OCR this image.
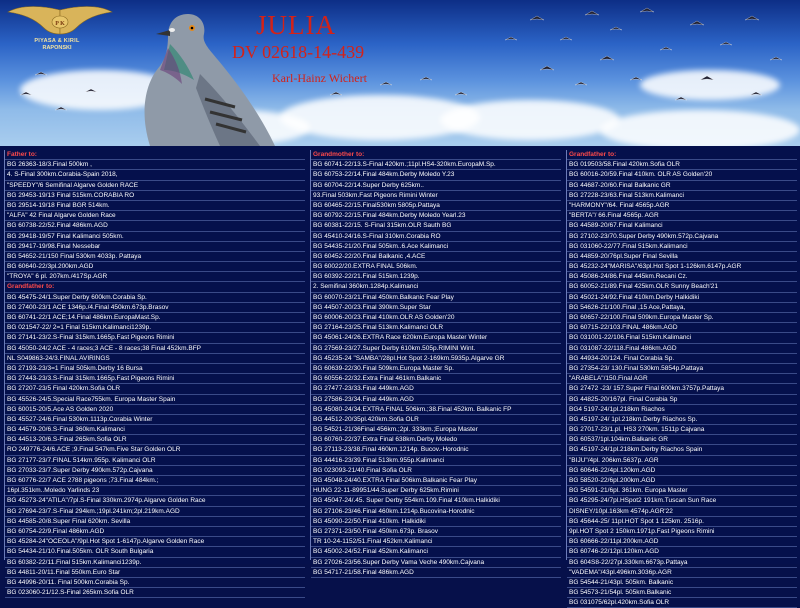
P K
PIYASA & KIRIL
RAPONSKI
JULIA
DV 02618-14-439
Karl-Hainz Wichert
Father to:
BG 26363-18/3.Final 500km ,
4. S-Final 300km.Corabia-Spain 2018,
"SPEEDY"/6 Semifinal Algarve Golden RACE
BG 29453-19/13 Final 515km.CORABIA RO
BG 29514-19/18 Final BGR 514km.
"ALFA" 42 Final Algarve Golden Race
BG 60738-22/52.Final 486km.AGD
BG 29418-19/57 Final Kalimanci 505km.
BG 29417-19/98.Final Nessebar
BG 54652-21/150 Final 530km 4033p. Pattaya
BG 60640-22/3pl.200km.AGD
"TROYA" 6 pl. 207km./417Sp.AGR
Grandfather to:
BG 45475-24/1.Super Derby 600km.Corabia Sp.
BG 27400-23/1 ACE 1346p./4.Final 450km.673p.Brasov
BG 60741-22/1 ACE;14.Final 486km.EuropaMast.Sp.
BG 021547-22/ 2=1 Final 515km.Kalimanci1239p.
BG 27141-23/2.S-Final 315km.1665p.Fast Pigeons Rimini
BG 45050-24/2 ACE - 4 races;3 ACE - 8 races;38 Final 452km.BFP
NL S049863-24/3.FINAL AVIRINGS
BG 27193-23/3=1 Final 505km.Derby 16 Bursa
BG 27443-23/3.S-Final 315km.1665p.Fast Pigeons Rimini
BG 27207-23/5 Final 420km.Sofia OLR
BG 45526-24/5.Special Race755km. Europa Master Spain
BG 60015-20/5.Ace AS Golden 2020
BG 45527-24/6.Final 530km.1113p.Corabia Winter
BG 44579-20/6.S-Final 360km.Kalimanci
BG 44513-20/6.S-Final 265km.Sofia OLR
RO 249776-24/6.ACE ;9.Final 547km.Five Star Golden OLR
BG 27177-23/7.FINAL 514km.955p. Kalimanci OLR
BG 27033-23/7.Super Derby 490km.572p.Cajvana
BG 60776-22/7 ACE 2788 pigeons ;73.Final 484km.;
16pl.351km..Moledo Yarlinds 23
BG 45273-24"ATILA"/7pl.S-Final 330km.2974p.Algarve Golden Race
BG 27694-23/7.S-Final 294km.;19pl.241km;2pl.219km.AGD
BG 44585-20/8.Super Final 620km. Sevilla
BG 60754-22/9.Final 486km.AGD
BG 45284-24"OCEOLA"/9pl.Hot Spot 1-6147p.Algarve Golden Race
BG 54434-21/10.Final.505km. OLR South Bulgaria
BG 60382-22/11.Final 515km.Kalimanci1239p.
BG 44811-20/11.Final 550km.Euro Star
BG 44996-20/11. Final 500km.Corabia Sp.
BG 023060-21/12.S-Final 265km.Sofia OLR
Grandmother to:
BG 60741-22/13.S-Final 420km.;11pl.HS4-320km.EuropaM.Sp.
BG 60753-22/14.Final 484km.Derby Moledo Y.23
BG 60704-22/14.Super Derby 625km..
93.Final 503km.Fast Pigeons Rimini Winter
BG 60465-22/15.Final530km 5805p.Pattaya
BG 60792-22/15.Final 484km.Derby Moledo Yearl.23
BG 60381-22/15. S-Final 315km.OLR Sauth BG
BG 45410-24/16.S-Final 310km.Corabia RO
BG 54435-21/20.Final 505km..6.Ace Kalimanci
BG 60452-22/20.Final Balkanic ,4.ACE
BG 60022/20.EXTRA FINAL 506km.
BG 60392-22/21.Final 515km.1239p.
2. Semifinal 360km.1284p.Kalimanci
BG 60070-23/21.Final 450km.Balkanic Fear Play
BG 44507-20/23.Final 390km.Super Star
BG 60006-20/23.Final 410km.OLR AS Golden'20
BG 27164-23/25.Final 513km.Kalimanci OLR
BG 45061-24/26.EXTRA Race 620km.Europa Master Winter
BG 27569-23/27.Super Derby 610km.505p.RIMINI Wint.
BG 45235-24 "SAMBA"/28pl.Hot Spot 2-169km.5935p.Algarve GR
BG 60639-22/30.Final 509km.Europa Master Sp.
BG 60556-22/32.Extra Final 461km.Balkanic
BG 27477-23/33.Final 449km.AGD
BG 27586-23/34.Final 449km.AGD
BG 45080-24/34.EXTRA FINAL 506km.;38.Final 452km. Balkanic FP
BG 44512-20/35pl.420km.Sofia OLR
BG 54521-21/36Final 456km.;2pl. 333km.;Europa Master
BG 60760-22/37.Extra Final 638km.Derby Moledo
BG 27113-23/38.Final 460km.1214p. Bucov.-Horodnic
BG 44416-23/39.Final 513km.955p.Kalimanci
BG 023093-21/40.Final Sofia OLR
BG 45048-24/40.EXTRA Final 506km.Balkanic Fear Play
HUNG 22-11-89951/44.Super Derby 625km.Rimini
BG 45047-24/.45. Super Derby 554km.109.Final 410km.Halkidiki
BG 27106-23/46.Final 460km.1214p.Bucovina-Horodnic
BG 45090-22/50.Final 410km. Halkidiki
BG 27371-23/50.Final 450km.673p. Brasov
TR 10-24-1152/51.Final 452km.Kalimanci
BG 45002-24/52.Final 452km.Kalimanci
BG 27026-23/56.Super Derby Vama Veche 490km.Cajvana
BG 54717-21/58.Final 486km.AGD
Grandfather to:
BG 019503/58.Final 420km.Sofia OLR
BG 60016-20/59.Final 410km. OLR AS Golden'20
BG 44687-20/60.Final Balkanic GR
BG 27228-23/63.Final 513km.Kalimanci
"HARMONY"/64. Final 4565p.AGR
"BERTA"/ 66.Final 4565p. AGR
BG 44589-20/67.Final Kalimanci
BG 27102-23/70.Super Derby 490km.572p.Cajvana
BG 031060-22/77.Final 515km.Kalimanci
BG 44859-20/76pl.Super Final Sevilla
BG 45232-24"MARISA"/63pl.Hot Spot 1-126km.6147p.AGR
BG 45086-24/86.Final 445km.Recani Cz.
BG 60052-21/89.Final 425km.OLR Sunny Beach'21
BG 45021-24/92.Final 410km.Derby Halkidiki
BG 54626-21/100.Final ,15 Ace,Pattaya,
BG 60657-22/100.Final 509km.Europa Master Sp.
BG 60715-22/103.FINAL 486km.AGD
BG 031001-22/106.Final 515km.Kalimanci
BG 031087-22/118.Final 486km.AGD
BG 44934-20/124. Final Corabia Sp.
BG 27354-23/ 130.Final 530km.5854p.Pattaya
"ARABELA"/150.Final AGR
BG 27472 -23/ 157.Super Final 600km.3757p.Pattaya
BG 44825-20/167pl. Final Corabia Sp
BG4 5197-24/1pl.218km Riachos
BG 45197-24/ 1pl.218km.Derby Riachos Sp.
BG 27017-23/1.pl. HS3 270km. 1511p Cajvana
BG 60537/1pl.104km.Balkanic GR
BG 45197-24/1pl.218km.Derby Riachos Spain
"BIJU"/4pl. 206km.5637p. AGR
BG 60646-22/4pl.120km.AGD
BG 58520-22/6pl.200km.AGD
BG 54591-21/6pl. 361km. Europa Master
BG 45295-24/7pl.HSpot2 191km.Tuscan Sun Race
DISNEY/10pl.163km 4574p.AGR'22
BG 45644-25/ 11pl.HOT Spot 1 125km. 2516p.
9pl.HOT Spot 2 150km.1971p.Fast Pigeons Rimini
BG 60666-22/11pl.200km.AGD
BG 60746-22/12pl.120km.AGD
BG 604S8-22/27pl.330km.6673p.Pattaya
"VADEMA"/43pl.496km.3036p.AGR
BG 54544-21/43pl. 505km. Balkanic
BG 54573-21/54pl. 505km.Balkanic
BG 031075/62pl.420km.Sofia OLR
